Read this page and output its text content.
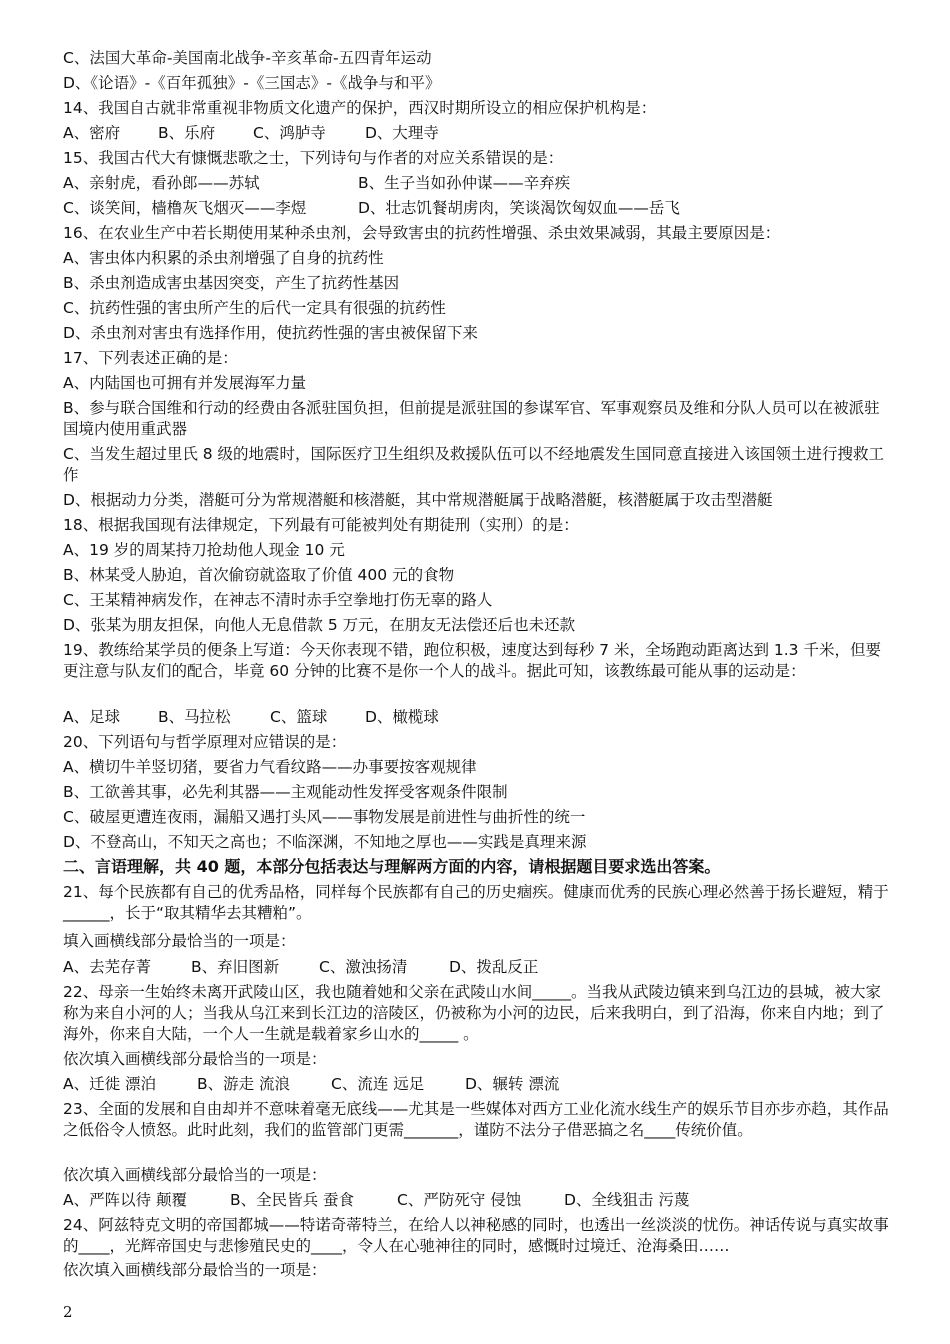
C、法国大革命-美国南北战争-辛亥革命-五四青年运动
D、《论语》-《百年孤独》-《三国志》-《战争与和平》
14、我国自古就非常重视非物质文化遗产的保护，西汉时期所设立的相应保护机构是：
A、密府 B、乐府 C、鸿胪寺	D、大理寺
15、我国古代大有慷慨悲歌之士，下列诗句与作者的对应关系错误的是：
A、亲射虎，看孙郎——苏轼	B、生子当如孙仲谋——辛弃疾
C、谈笑间，樯橹灰飞烟灭——李煜	D、壮志饥餐胡虏肉，笑谈渴饮匈奴血——岳飞
16、在农业生产中若长期使用某种杀虫剂，会导致害虫的抗药性增强、杀虫效果减弱，其最主要原因是：
A、害虫体内积累的杀虫剂增强了自身的抗药性
B、杀虫剂造成害虫基因突变，产生了抗药性基因
C、抗药性强的害虫所产生的后代一定具有很强的抗药性
D、杀虫剂对害虫有选择作用，使抗药性强的害虫被保留下来
17、下列表述正确的是：
A、内陆国也可拥有并发展海军力量
B、参与联合国维和行动的经费由各派驻国负担，但前提是派驻国的参谋军官、军事观察员及维和分队人员可以在被派驻国境内使用重武器
C、当发生超过里氏 8 级的地震时，国际医疗卫生组织及救援队伍可以不经地震发生国同意直接进入该国领土进行搜救工作
D、根据动力分类，潜艇可分为常规潜艇和核潜艇，其中常规潜艇属于战略潜艇，核潜艇属于攻击型潜艇
18、根据我国现有法律规定，下列最有可能被判处有期徒刑（实刑）的是：
A、19 岁的周某持刀抢劫他人现金 10 元
B、林某受人胁迫，首次偷窃就盗取了价值 400 元的食物
C、王某精神病发作，在神志不清时赤手空拳地打伤无辜的路人
D、张某为朋友担保，向他人无息借款 5 万元，在朋友无法偿还后也未还款
19、教练给某学员的便条上写道：今天你表现不错，跑位积极，速度达到每秒 7 米，全场跑动距离达到 1.3 千米，但要更注意与队友们的配合，毕竟 60 分钟的比赛不是你一个人的战斗。据此可知，该教练最可能从事的运动是：
A、足球 B、马拉松	C、篮球 D、橄榄球
20、下列语句与哲学原理对应错误的是：
A、横切牛羊竖切猪，要省力气看纹路——办事要按客观规律
B、工欲善其事，必先利其器——主观能动性发挥受客观条件限制
C、破屋更遭连夜雨，漏船又遇打头风——事物发展是前进性与曲折性的统一
D、不登高山，不知天之高也；不临深渊，不知地之厚也——实践是真理来源
二、言语理解，共 40 题，本部分包括表达与理解两方面的内容，请根据题目要求选出答案。
21、每个民族都有自己的优秀品格，同样每个民族都有自己的历史痼疾。健康而优秀的民族心理必然善于扬长避短，精于______，长于“取其精华去其糟粕”。
填入画横线部分最恰当的一项是：
A、去芜存菁	B、弃旧图新	C、激浊扬清	D、拨乱反正
22、母亲一生始终未离开武陵山区，我也随着她和父亲在武陵山水间_____。当我从武陵边镇来到乌江边的县城，被大家称为来自小河的人；当我从乌江来到长江边的涪陵区，仍被称为小河的边民，后来我明白，到了沿海，你来自内地；到了海外，你来自大陆，一个人一生就是载着家乡山水的_____ 。
依次填入画横线部分最恰当的一项是：
A、迁徙 漂泊	B、游走 流浪	C、流连 远足	D、辗转 漂流
23、全面的发展和自由却并不意味着毫无底线——尤其是一些媒体对西方工业化流水线生产的娱乐节目亦步亦趋，其作品之低俗令人愤怒。此时此刻，我们的监管部门更需_______，谨防不法分子借恶搞之名____传统价值。
依次填入画横线部分最恰当的一项是：
A、严阵以待 颠覆	B、全民皆兵 蚕食	C、严防死守 侵蚀	D、全线狙击 污蔑
24、阿兹特克文明的帝国都城——特诺奇蒂特兰，在给人以神秘感的同时，也透出一丝淡淡的忧伤。神话传说与真实故事的____，光辉帝国史与悲惨殖民史的____，令人在心驰神往的同时，感慨时过境迁、沧海桑田……
依次填入画横线部分最恰当的一项是：
2
